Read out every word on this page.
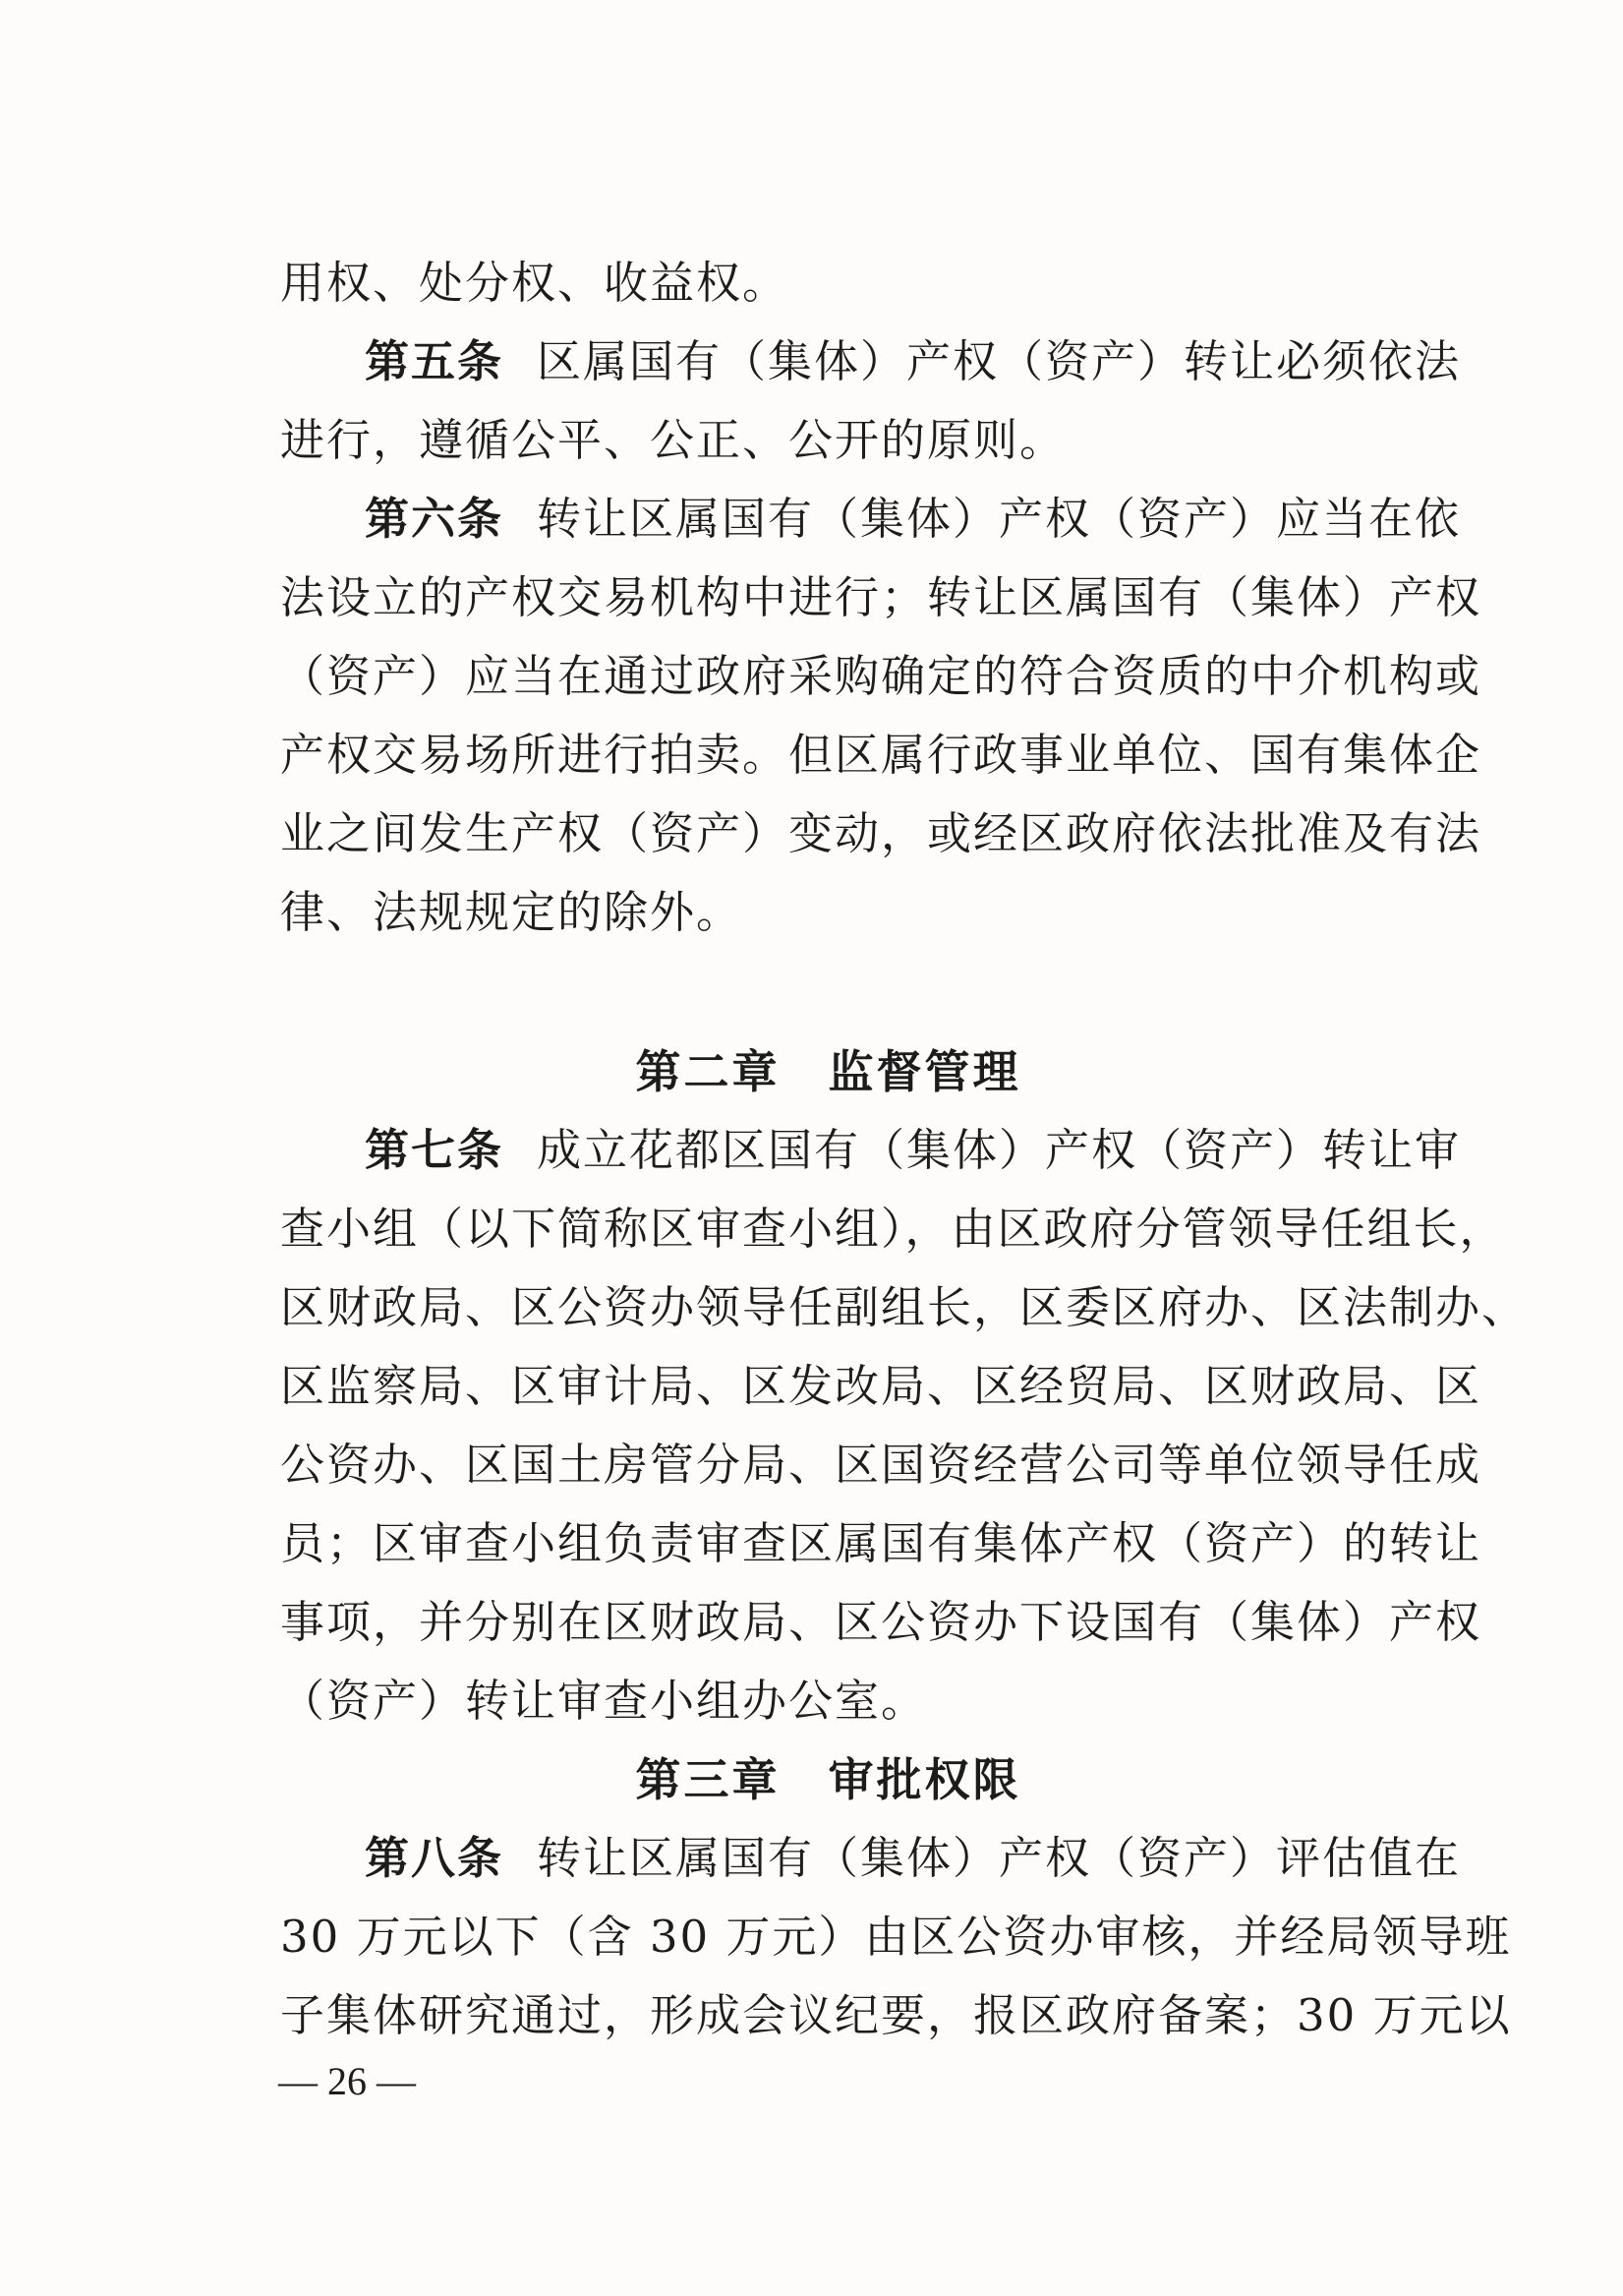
用权、处分权、收益权。
第五条 区属国有（集体）产权（资产）转让必须依法
进行，遵循公平、公正、公开的原则。
第六条 转让区属国有（集体）产权（资产）应当在依
法设立的产权交易机构中进行；转让区属国有（集体）产权
（资产）应当在通过政府采购确定的符合资质的中介机构或
产权交易场所进行拍卖。但区属行政事业单位、国有集体企
业之间发生产权（资产）变动，或经区政府依法批准及有法
律、法规规定的除外。
第二章　监督管理
第七条 成立花都区国有（集体）产权（资产）转让审
查小组（以下简称区审查小组），由区政府分管领导任组长，
区财政局、区公资办领导任副组长，区委区府办、区法制办、
区监察局、区审计局、区发改局、区经贸局、区财政局、区
公资办、区国土房管分局、区国资经营公司等单位领导任成
员；区审查小组负责审查区属国有集体产权（资产）的转让
事项，并分别在区财政局、区公资办下设国有（集体）产权
（资产）转让审查小组办公室。
第三章　审批权限
第八条 转让区属国有（集体）产权（资产）评估值在
30 万元以下（含 30 万元）由区公资办审核，并经局领导班
子集体研究通过，形成会议纪要，报区政府备案；30 万元以
— 26 —
